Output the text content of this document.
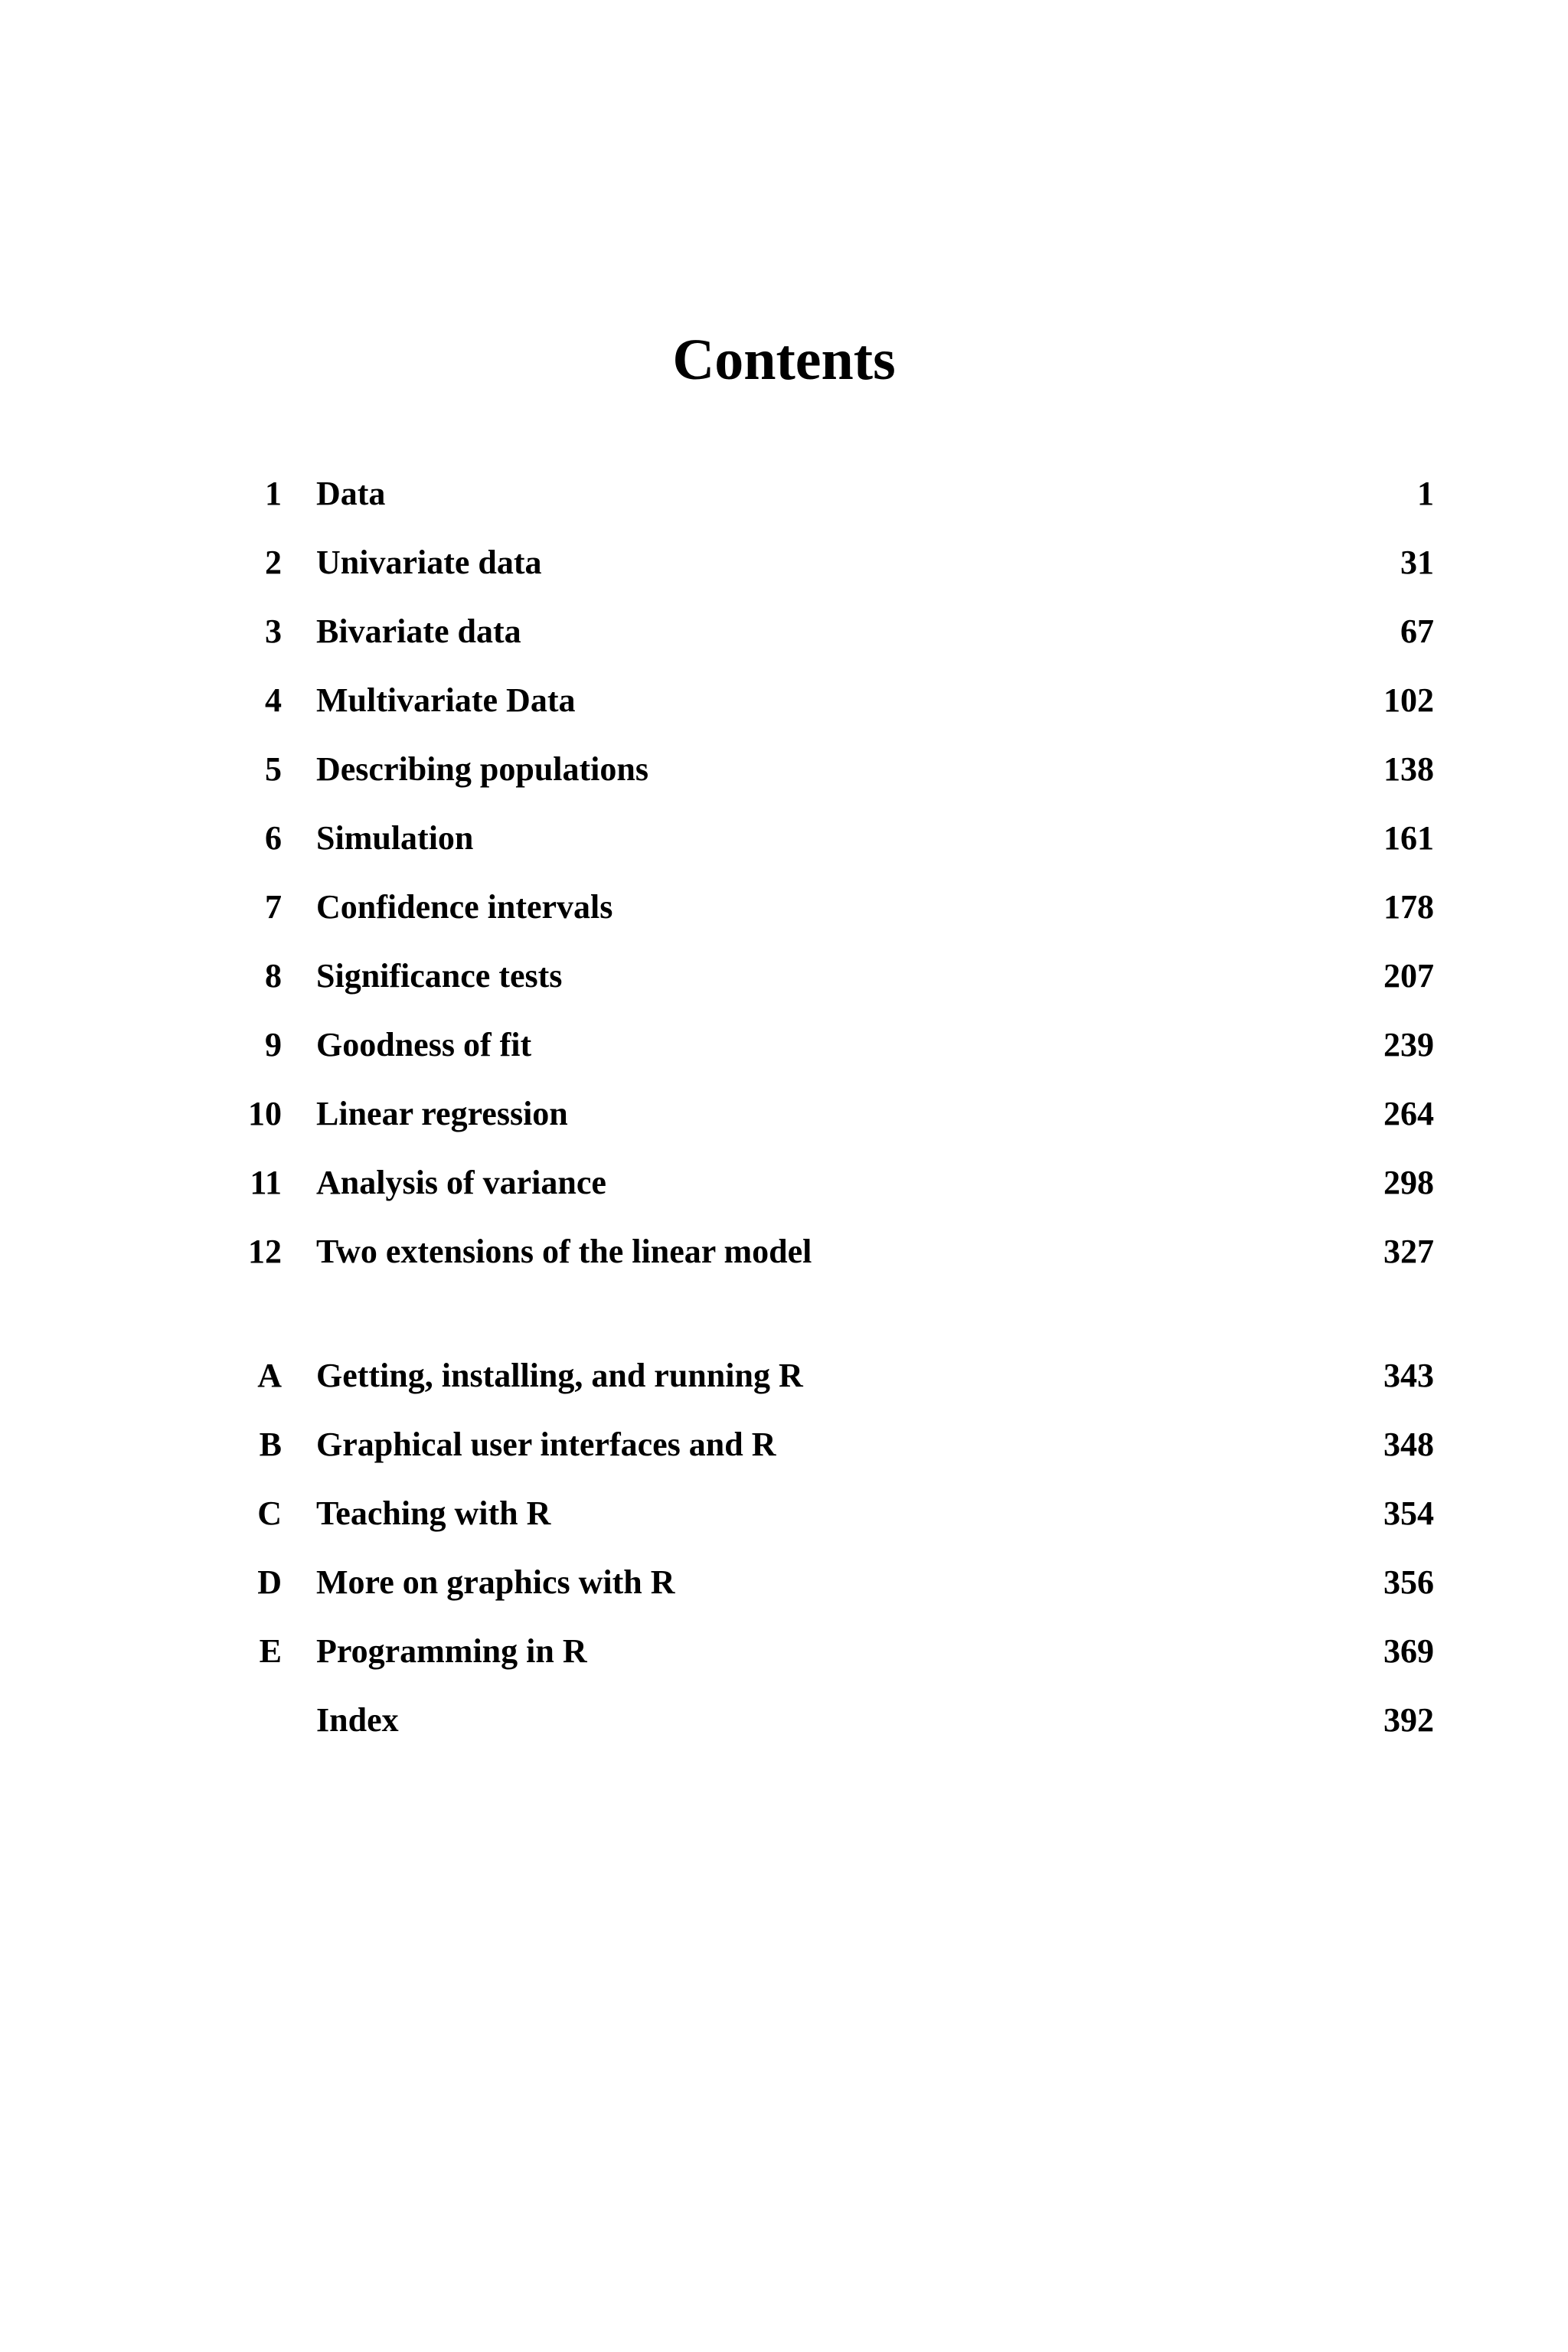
Contents
1 Data	1
2 Univariate data	31
3 Bivariate data	67
4 Multivariate Data	102
5 Describing populations	138
6 Simulation	161
7 Confidence intervals	178
8 Significance tests	207
9 Goodness of fit	239
10 Linear regression	264
11 Analysis of variance	298
12 Two extensions of the linear model	327
A Getting, installing, and running R	343
B Graphical user interfaces and R	348
C Teaching with R	354
D More on graphics with R	356
E Programming in R	369
Index	392
